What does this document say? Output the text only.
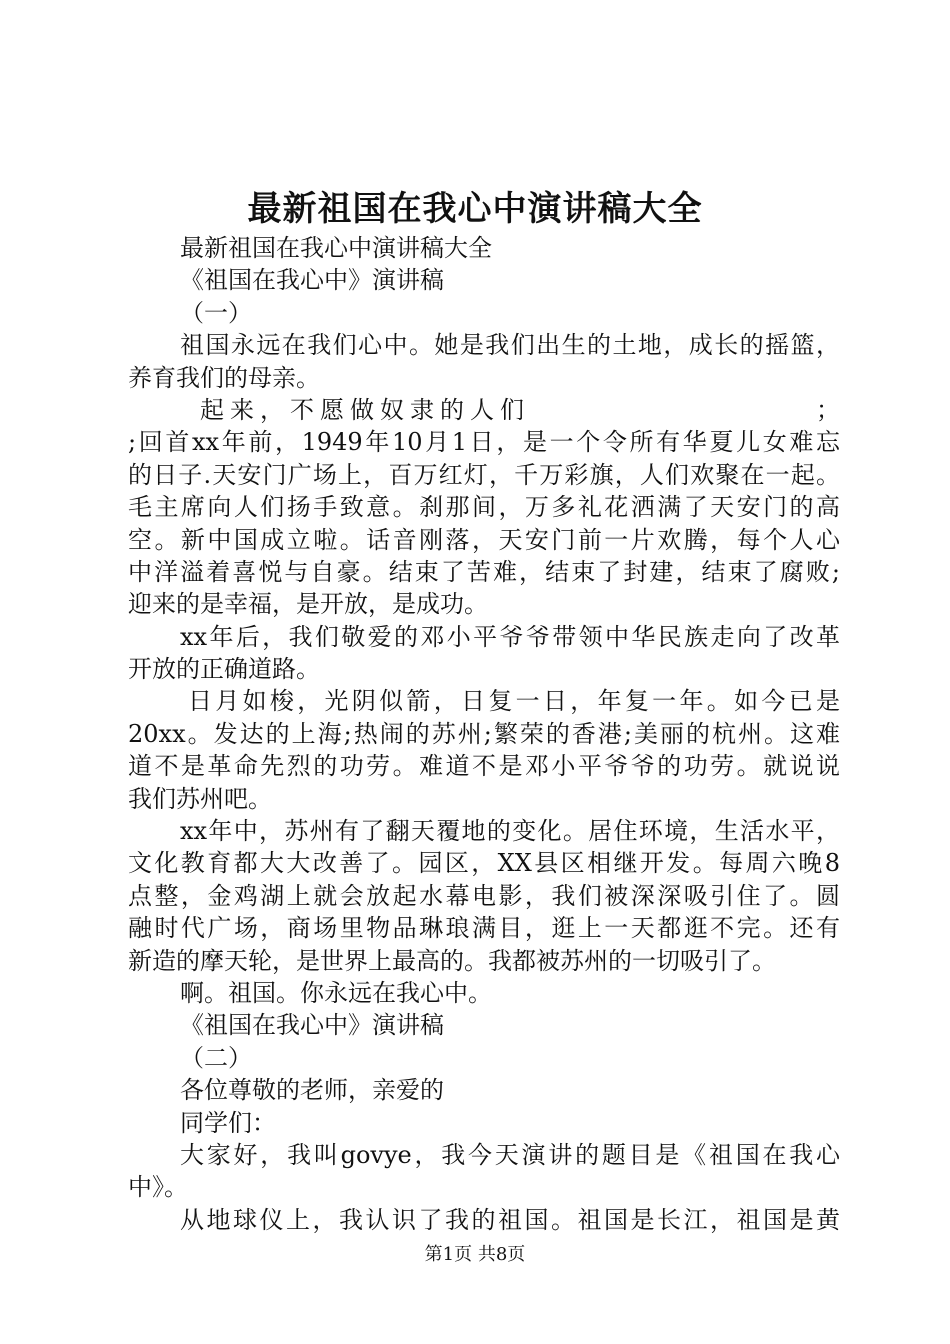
最新祖国在我心中演讲稿大全
最新祖国在我心中演讲稿大全
《祖国在我心中》演讲稿
（一）
祖国永远在我们心中。她是我们出生的土地，成长的摇篮，
养育我们的母亲。
起来，不愿做奴隶的人们	；
;回首xx年前，1949年10月1日，是一个令所有华夏儿女难忘
的日子.天安门广场上，百万红灯，千万彩旗，人们欢聚在一起。
毛主席向人们扬手致意。刹那间，万多礼花洒满了天安门的高
空。新中国成立啦。话音刚落，天安门前一片欢腾，每个人心
中洋溢着喜悦与自豪。结束了苦难，结束了封建，结束了腐败;
迎来的是幸福，是开放，是成功。
xx年后，我们敬爱的邓小平爷爷带领中华民族走向了改革
开放的正确道路。
日月如梭，光阴似箭，日复一日，年复一年。如今已是
20xx。发达的上海;热闹的苏州;繁荣的香港;美丽的杭州。这难
道不是革命先烈的功劳。难道不是邓小平爷爷的功劳。就说说
我们苏州吧。
xx年中，苏州有了翻天覆地的变化。居住环境，生活水平，
文化教育都大大改善了。园区，XX县区相继开发。每周六晚8
点整，金鸡湖上就会放起水幕电影，我们被深深吸引住了。圆
融时代广场，商场里物品琳琅满目，逛上一天都逛不完。还有
新造的摩天轮，是世界上最高的。我都被苏州的一切吸引了。
啊。祖国。你永远在我心中。
《祖国在我心中》演讲稿
（二）
各位尊敬的老师，亲爱的
同学们：
大家好，我叫govye，我今天演讲的题目是《祖国在我心
中》。
从地球仪上，我认识了我的祖国。祖国是长江，祖国是黄
第1页 共8页
